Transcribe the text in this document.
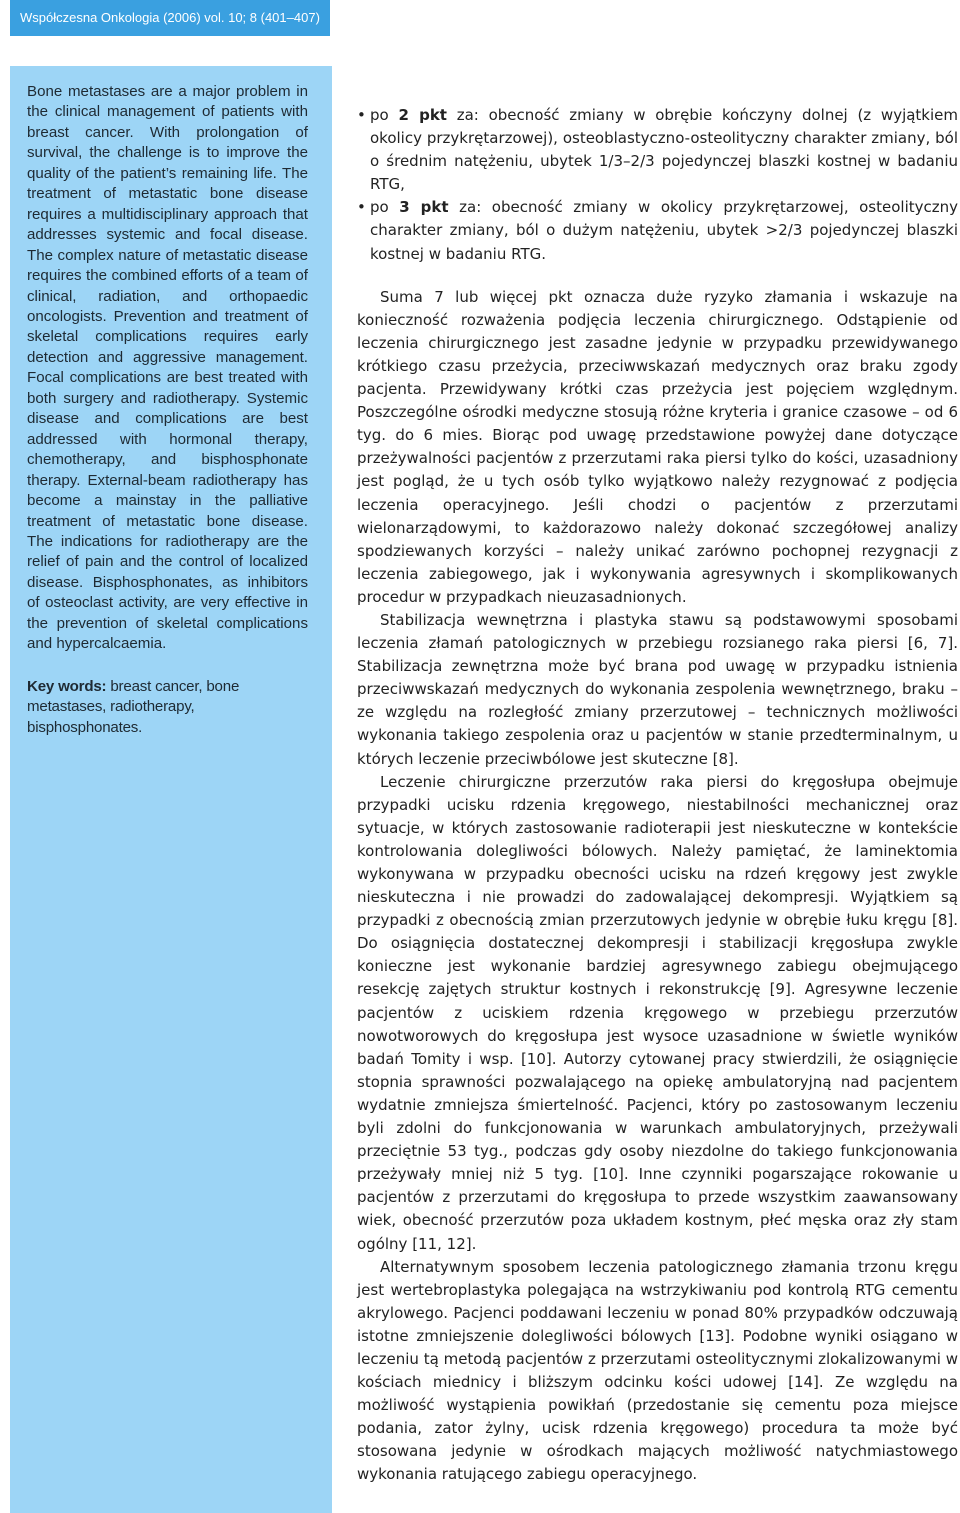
Współczesna Onkologia (2006) vol. 10; 8 (401–407)

Bone metastases are a major problem in the clinical management of patients with breast cancer. With prolongation of survival, the challenge is to improve the quality of the patient’s remaining life. The treatment of metastatic bone disease requires a multidisciplinary approach that addresses systemic and focal disease. The complex nature of metastatic disease requires the combined efforts of a team of clinical, radiation, and orthopaedic oncologists. Prevention and treatment of skeletal complications requires early detection and aggressive management. Focal complications are best treated with both surgery and radiotherapy. Systemic disease and complications are best addressed with hormonal therapy, chemotherapy, and bisphosphonate therapy. External-beam radiotherapy has become a mainstay in the palliative treatment of metastatic bone disease. The indications for radiotherapy are the relief of pain and the control of localized disease. Bisphosphonates, as inhibitors of osteoclast activity, are very effective in the prevention of skeletal complications and hypercalcaemia.

Key words: breast cancer, bone metastases, radiotherapy, bisphosphonates.

• po 2 pkt za: obecność zmiany w obrębie kończyny dolnej (z wyjątkiem okolicy przykrętarzowej), osteoblastyczno-osteolityczny charakter zmiany, ból o średnim natężeniu, ubytek 1/3–2/3 pojedynczej blaszki kostnej w badaniu RTG,
• po 3 pkt za: obecność zmiany w okolicy przykrętarzowej, osteolityczny charakter zmiany, ból o dużym natężeniu, ubytek >2/3 pojedynczej blaszki kostnej w badaniu RTG.

Suma 7 lub więcej pkt oznacza duże ryzyko złamania i wskazuje na konieczność rozważenia podjęcia leczenia chirurgicznego. Odstąpienie od leczenia chirurgicznego jest zasadne jedynie w przypadku przewidywanego krótkiego czasu przeżycia, przeciwwskazań medycznych oraz braku zgody pacjenta. Przewidywany krótki czas przeżycia jest pojęciem względnym. Poszczególne ośrodki medyczne stosują różne kryteria i granice czasowe – od 6 tyg. do 6 mies. Biorąc pod uwagę przedstawione powyżej dane dotyczące przeżywalności pacjentów z przerzutami raka piersi tylko do kości, uzasadniony jest pogląd, że u tych osób tylko wyjątkowo należy rezygnować z podjęcia leczenia operacyjnego. Jeśli chodzi o pacjentów z przerzutami wielonarządowymi, to każdorazowo należy dokonać szczegółowej analizy spodziewanych korzyści – należy unikać zarówno pochopnej rezygnacji z leczenia zabiegowego, jak i wykonywania agresywnych i skomplikowanych procedur w przypadkach nieuzasadnionych.

Stabilizacja wewnętrzna i plastyka stawu są podstawowymi sposobami leczenia złamań patologicznych w przebiegu rozsianego raka piersi [6, 7]. Stabilizacja zewnętrzna może być brana pod uwagę w przypadku istnienia przeciwwskazań medycznych do wykonania zespolenia wewnętrznego, braku – ze względu na rozległość zmiany przerzutowej – technicznych możliwości wykonania takiego zespolenia oraz u pacjentów w stanie przedterminalnym, u których leczenie przeciwbólowe jest skuteczne [8].

Leczenie chirurgiczne przerzutów raka piersi do kręgosłupa obejmuje przypadki ucisku rdzenia kręgowego, niestabilności mechanicznej oraz sytuacje, w których zastosowanie radioterapii jest nieskuteczne w kontekście kontrolowania dolegliwości bólowych. Należy pamiętać, że laminektomia wykonywana w przypadku obecności ucisku na rdzeń kręgowy jest zwykle nieskuteczna i nie prowadzi do zadowalającej dekompresji. Wyjątkiem są przypadki z obecnością zmian przerzutowych jedynie w obrębie łuku kręgu [8]. Do osiągnięcia dostatecznej dekompresji i stabilizacji kręgosłupa zwykle konieczne jest wykonanie bardziej agresywnego zabiegu obejmującego resekcję zajętych struktur kostnych i rekonstrukcję [9]. Agresywne leczenie pacjentów z uciskiem rdzenia kręgowego w przebiegu przerzutów nowotworowych do kręgosłupa jest wysoce uzasadnione w świetle wyników badań Tomity i wsp. [10]. Autorzy cytowanej pracy stwierdzili, że osiągnięcie stopnia sprawności pozwalającego na opiekę ambulatoryjną nad pacjentem wydatnie zmniejsza śmiertelność. Pacjenci, który po zastosowanym leczeniu byli zdolni do funkcjonowania w warunkach ambulatoryjnych, przeżywali przeciętnie 53 tyg., podczas gdy osoby niezdolne do takiego funkcjonowania przeżywały mniej niż 5 tyg. [10]. Inne czynniki pogarszające rokowanie u pacjentów z przerzutami do kręgosłupa to przede wszystkim zaawansowany wiek, obecność przerzutów poza układem kostnym, płeć męska oraz zły stam ogólny [11, 12].

Alternatywnym sposobem leczenia patologicznego złamania trzonu kręgu jest wertebroplastyka polegająca na wstrzykiwaniu pod kontrolą RTG cementu akrylowego. Pacjenci poddawani leczeniu w ponad 80% przypadków odczuwają istotne zmniejszenie dolegliwości bólowych [13]. Podobne wyniki osiągano w leczeniu tą metodą pacjentów z przerzutami osteolitycznymi zlokalizowanymi w kościach miednicy i bliższym odcinku kości udowej [14]. Ze względu na możliwość wystąpienia powikłań (przedostanie się cementu poza miejsce podania, zator żylny, ucisk rdzenia kręgowego) procedura ta może być stosowana jedynie w ośrodkach mających możliwość natychmiastowego wykonania ratującego zabiegu operacyjnego.
